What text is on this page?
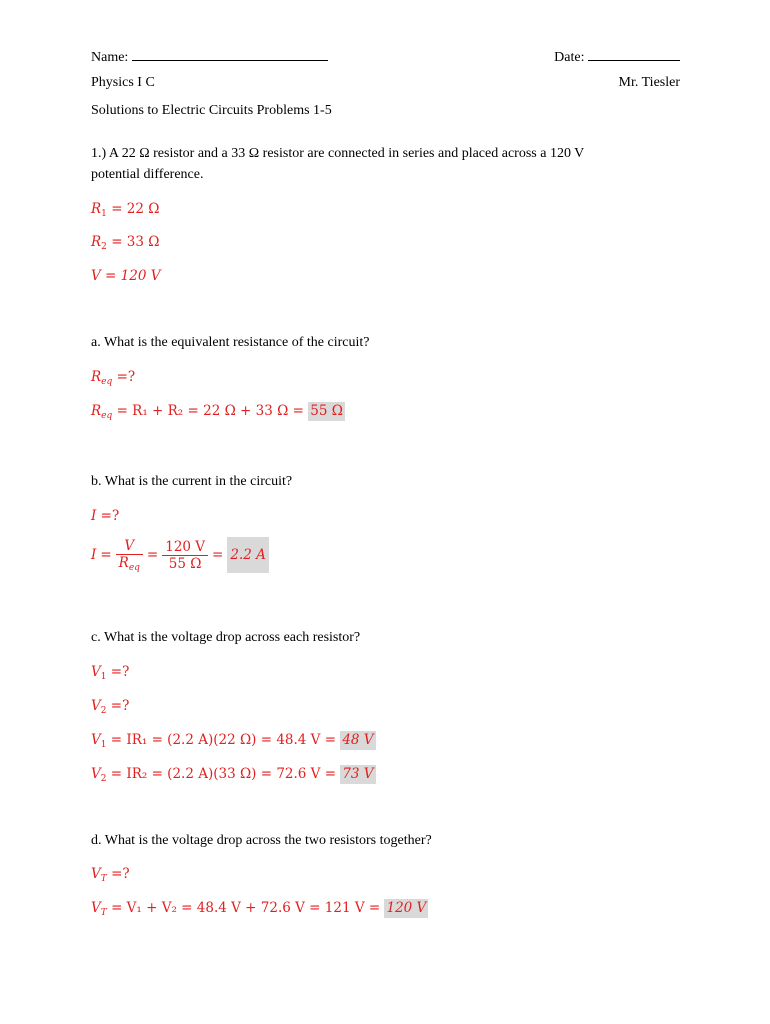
Name:	Date:
Physics I C	Mr. Tiesler
Solutions to Electric Circuits Problems 1-5
1.) A 22 Ω resistor and a 33 Ω resistor are connected in series and placed across a 120 V
potential difference.
$R_1 = 22$ Ω
$R_2 = 33$ Ω
V = 120 V
a. What is the equivalent resistance of the circuit?
$R_{eq}$ =?
$R_{eq} = R_1 + R_2 = 22$ Ω + 33 Ω = 55 Ω
b. What is the current in the circuit?
I =?
$I = \frac{V}{R_{eq}} = \frac{120 V}{55 \Omega} = 2.2$ A
c. What is the voltage drop across each resistor?
$V_1$ =?
$V_2$ =?
$V_1 = IR_1 = (2.2$ A)(22 Ω) = 48.4 V = 48 V
$V_2 = IR_2 = (2.2$ A)(33 Ω) = 72.6 V = 73 V
d. What is the voltage drop across the two resistors together?
$V_T$ =?
$V_T = V_1 + V_2 = 48.4$ V + 72.6 V = 121 V = 120 V
